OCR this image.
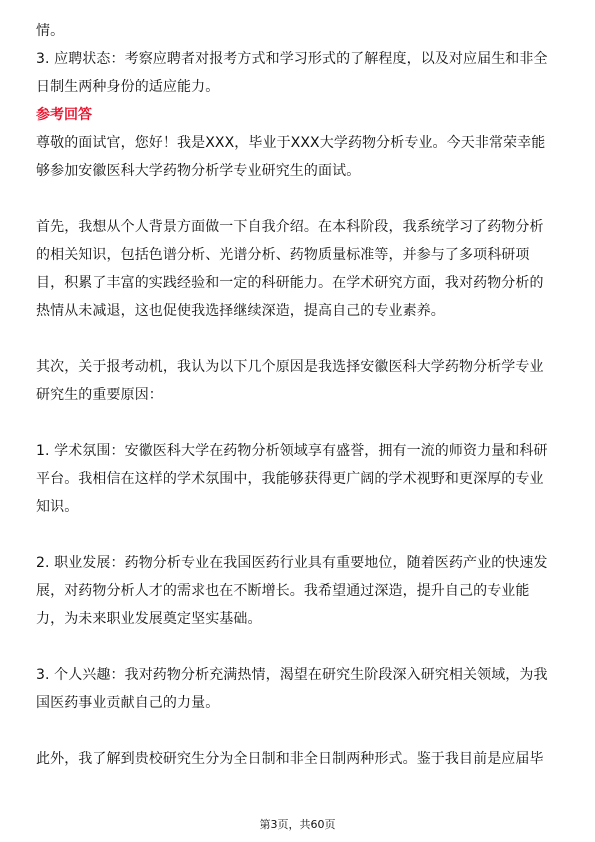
情。
3. 应聘状态：考察应聘者对报考方式和学习形式的了解程度，以及对应届生和非全
日制生两种身份的适应能力。
参考回答
尊敬的面试官，您好！我是XXX，毕业于XXX大学药物分析专业。今天非常荣幸能
够参加安徽医科大学药物分析学专业研究生的面试。
首先，我想从个人背景方面做一下自我介绍。在本科阶段，我系统学习了药物分析
的相关知识，包括色谱分析、光谱分析、药物质量标准等，并参与了多项科研项
目，积累了丰富的实践经验和一定的科研能力。在学术研究方面，我对药物分析的
热情从未减退，这也促使我选择继续深造，提高自己的专业素养。
其次，关于报考动机，我认为以下几个原因是我选择安徽医科大学药物分析学专业
研究生的重要原因：
1. 学术氛围：安徽医科大学在药物分析领域享有盛誉，拥有一流的师资力量和科研
平台。我相信在这样的学术氛围中，我能够获得更广阔的学术视野和更深厚的专业
知识。
2. 职业发展：药物分析专业在我国医药行业具有重要地位，随着医药产业的快速发
展，对药物分析人才的需求也在不断增长。我希望通过深造，提升自己的专业能
力，为未来职业发展奠定坚实基础。
3. 个人兴趣：我对药物分析充满热情，渴望在研究生阶段深入研究相关领域，为我
国医药事业贡献自己的力量。
此外，我了解到贵校研究生分为全日制和非全日制两种形式。鉴于我目前是应届毕
第3页，共60页
